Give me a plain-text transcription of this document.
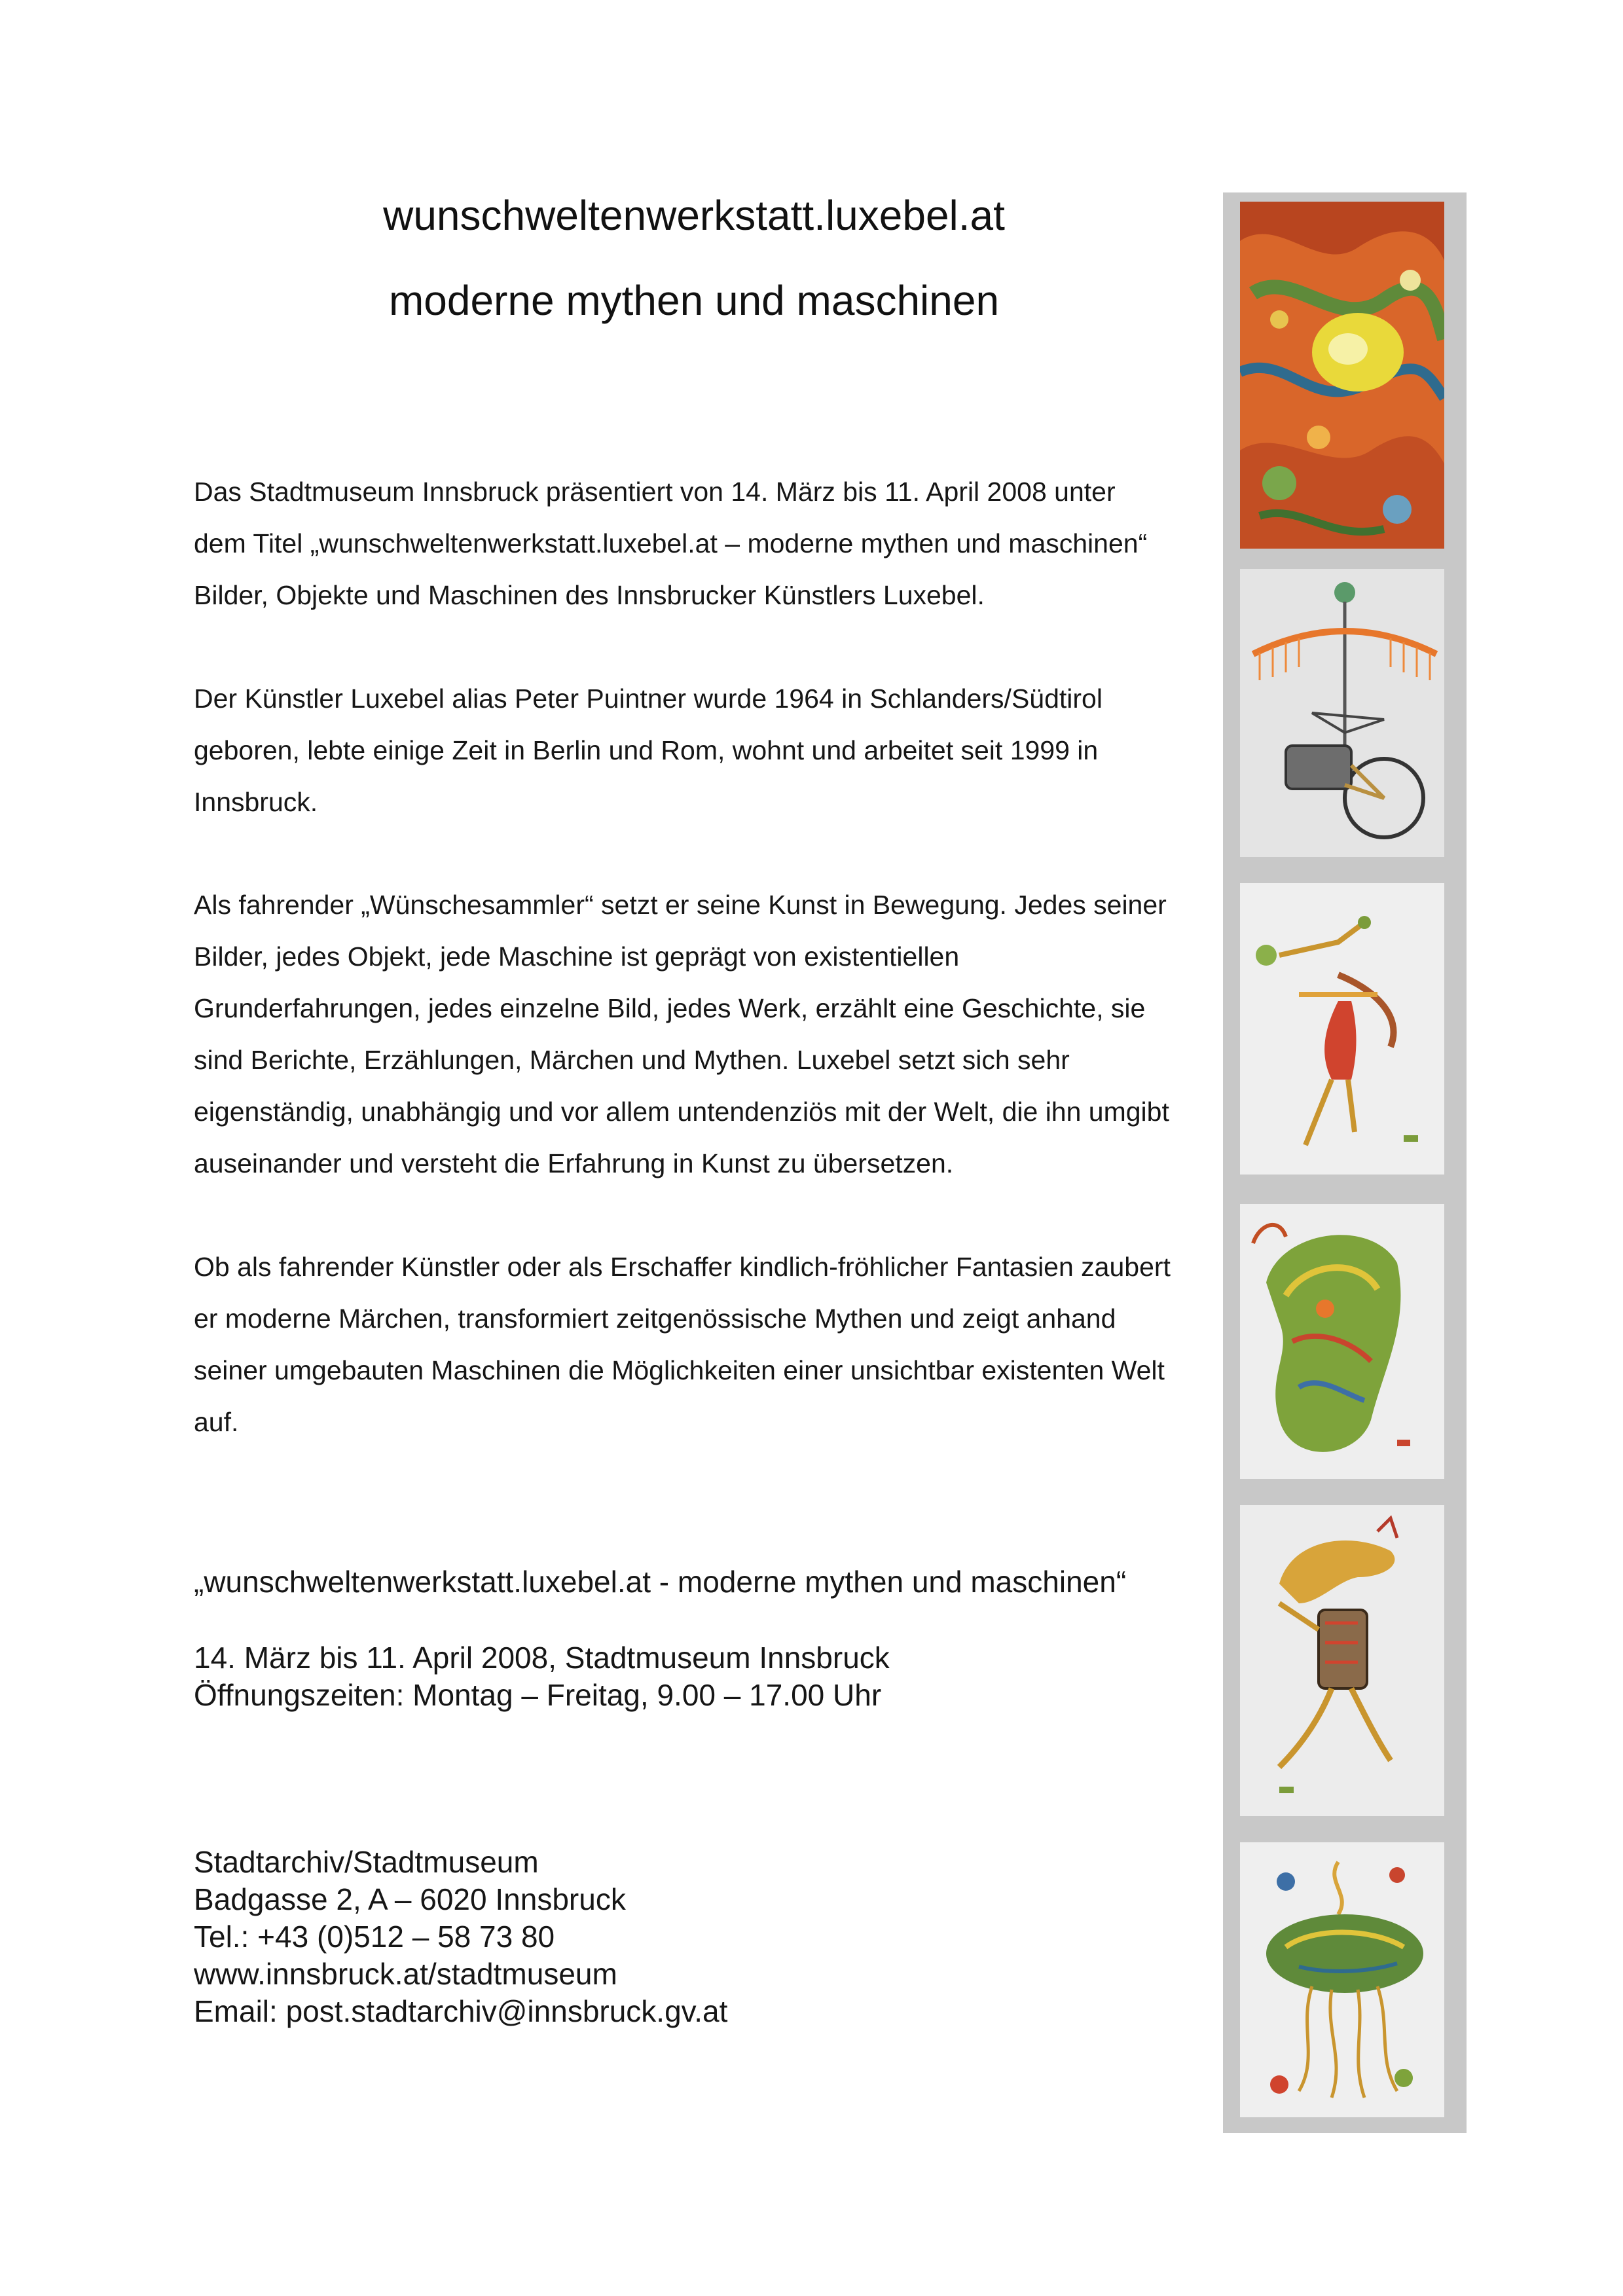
wunschweltenwerkstatt.luxebel.at
moderne mythen und maschinen

Das Stadtmuseum Innsbruck präsentiert von 14. März bis 11. April 2008 unter
dem Titel „wunschweltenwerkstatt.luxebel.at – moderne mythen und maschinen“
Bilder, Objekte und Maschinen des Innsbrucker Künstlers Luxebel.

Der Künstler Luxebel alias Peter Puintner wurde 1964 in Schlanders/Südtirol
geboren, lebte einige Zeit in Berlin und Rom, wohnt und arbeitet seit 1999 in
Innsbruck.

Als fahrender „Wünschesammler“ setzt er seine Kunst in Bewegung. Jedes seiner
Bilder, jedes Objekt, jede Maschine ist geprägt von existentiellen
Grunderfahrungen, jedes einzelne Bild, jedes Werk, erzählt eine Geschichte, sie
sind Berichte, Erzählungen, Märchen und Mythen. Luxebel setzt sich sehr
eigenständig, unabhängig und vor allem untendenziös mit der Welt, die ihn umgibt
auseinander und versteht die Erfahrung in Kunst zu übersetzen.

Ob als fahrender Künstler oder als Erschaffer kindlich-fröhlicher Fantasien zaubert
er moderne Märchen, transformiert zeitgenössische Mythen und zeigt anhand
seiner umgebauten Maschinen die Möglichkeiten einer unsichtbar existenten Welt
auf.

„wunschweltenwerkstatt.luxebel.at - moderne mythen und maschinen“

14. März bis 11. April 2008, Stadtmuseum Innsbruck
Öffnungszeiten: Montag – Freitag, 9.00 – 17.00 Uhr

Stadtarchiv/Stadtmuseum
Badgasse 2, A – 6020 Innsbruck
Tel.: +43 (0)512 – 58 73 80
www.innsbruck.at/stadtmuseum
Email: post.stadtarchiv@innsbruck.gv.at
